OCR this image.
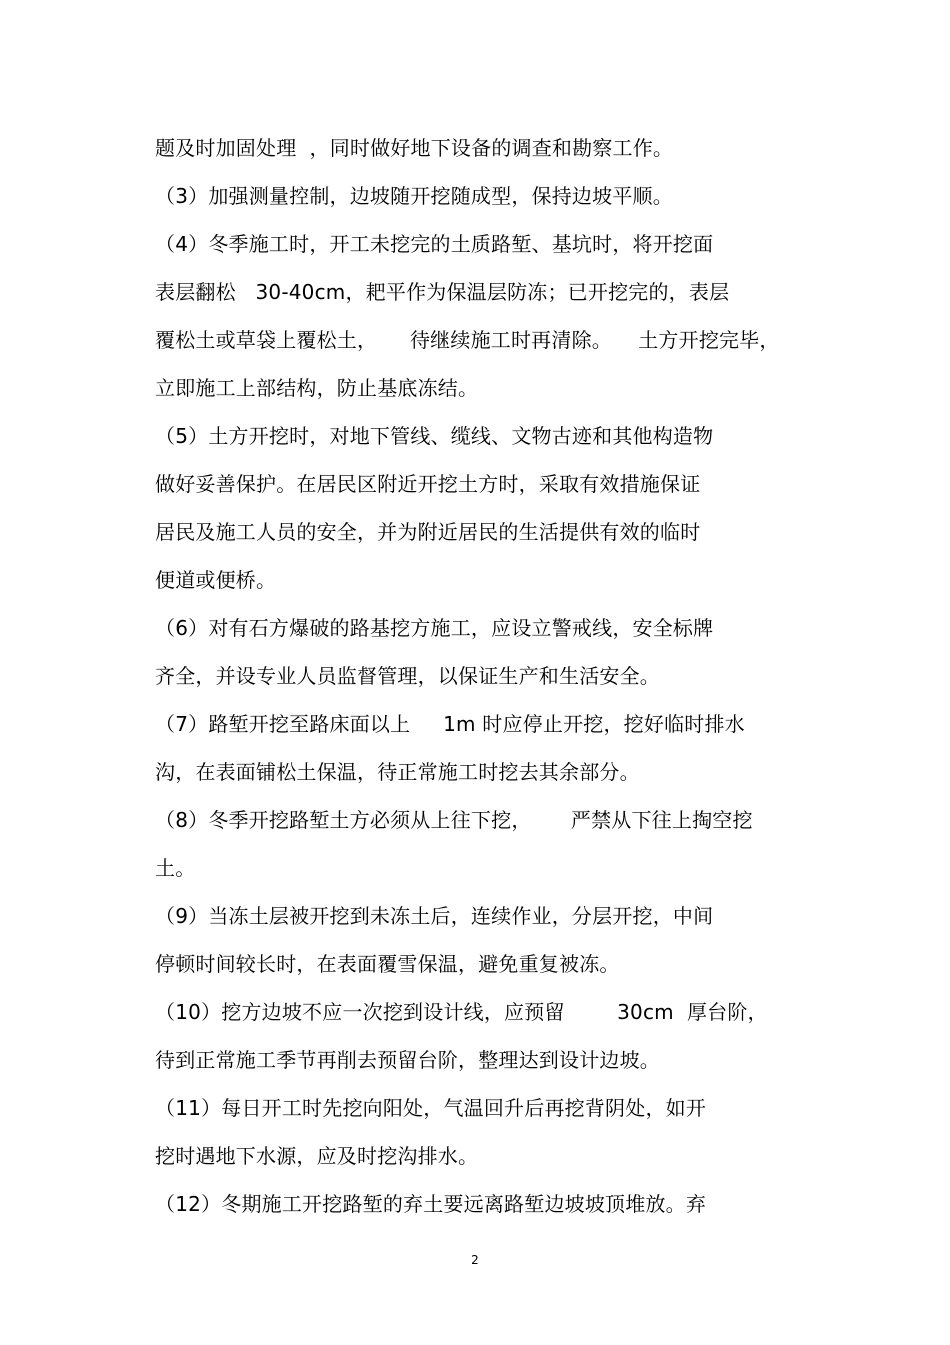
题及时加固处理  ，同时做好地下设备的调查和勘察工作。
（3）加强测量控制，边坡随开挖随成型，保持边坡平顺。
（4）冬季施工时，开工未挖完的土质路堑、基坑时，将开挖面
表层翻松   30-40cm，耙平作为保温层防冻；已开挖完的，表层
覆松土或草袋上覆松土，     待继续施工时再清除。    土方开挖完毕，
立即施工上部结构，防止基底冻结。
（5）土方开挖时，对地下管线、缆线、文物古迹和其他构造物
做好妥善保护。在居民区附近开挖土方时，采取有效措施保证
居民及施工人员的安全，并为附近居民的生活提供有效的临时
便道或便桥。
（6）对有石方爆破的路基挖方施工，应设立警戒线，安全标牌
齐全，并设专业人员监督管理，以保证生产和生活安全。
（7）路堑开挖至路床面以上     1m 时应停止开挖，挖好临时排水
沟，在表面铺松土保温，待正常施工时挖去其余部分。
（8）冬季开挖路堑土方必须从上往下挖，      严禁从下往上掏空挖
土。
（9）当冻土层被开挖到未冻土后，连续作业，分层开挖，中间
停顿时间较长时，在表面覆雪保温，避免重复被冻。
（10）挖方边坡不应一次挖到设计线，应预留        30cm  厚台阶，
待到正常施工季节再削去预留台阶，整理达到设计边坡。
（11）每日开工时先挖向阳处，气温回升后再挖背阴处，如开
挖时遇地下水源，应及时挖沟排水。
（12）冬期施工开挖路堑的弃土要远离路堑边坡坡顶堆放。弃
2
